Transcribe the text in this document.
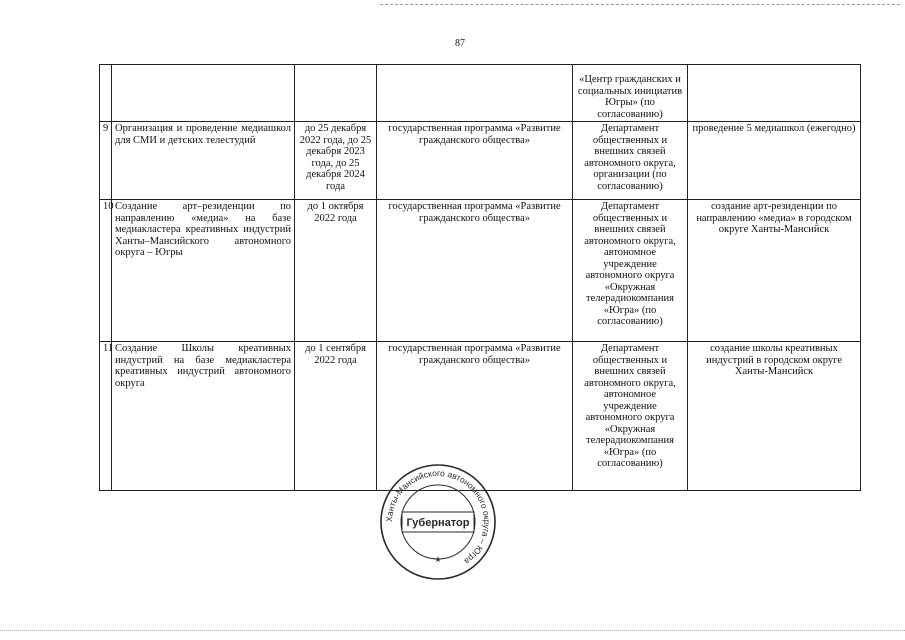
87
				«Центр гражданских и социальных инициатив Югры» (по согласованию)	
9	Организация и проведение медиашкол для СМИ и детских телестудий	до 25 декабря 2022 года, до 25 декабря 2023 года, до 25 декабря 2024 года	государственная программа «Развитие гражданского общества»	Департамент общественных и внешних связей автономного округа, организации (по согласованию)	проведение 5 медиашкол (ежегодно)
10	Создание арт–резиденции по направлению «медиа» на базе медиакластера креативных индустрий Ханты–Мансийского автономного округа – Югры	до 1 октября 2022 года	государственная программа «Развитие гражданского общества»	Департамент общественных и внешних связей автономного округа, автономное учреждение автономного округа «Окружная телерадиокомпания «Югра» (по согласованию)	создание арт-резиденции по направлению «медиа» в городском округе Ханты-Мансийск
11	Создание Школы креативных индустрий на базе медиакластера креативных индустрий автономного округа	до 1 сентября 2022 года	государственная программа «Развитие гражданского общества»	Департамент общественных и внешних связей автономного округа, автономное учреждение автономного округа «Окружная телерадиокомпания «Югра» (по согласованию)	создание школы креативных индустрий в городском округе Ханты-Мансийск
Ханты-Мансийского автономного округа – Югра
Губернатор
★
